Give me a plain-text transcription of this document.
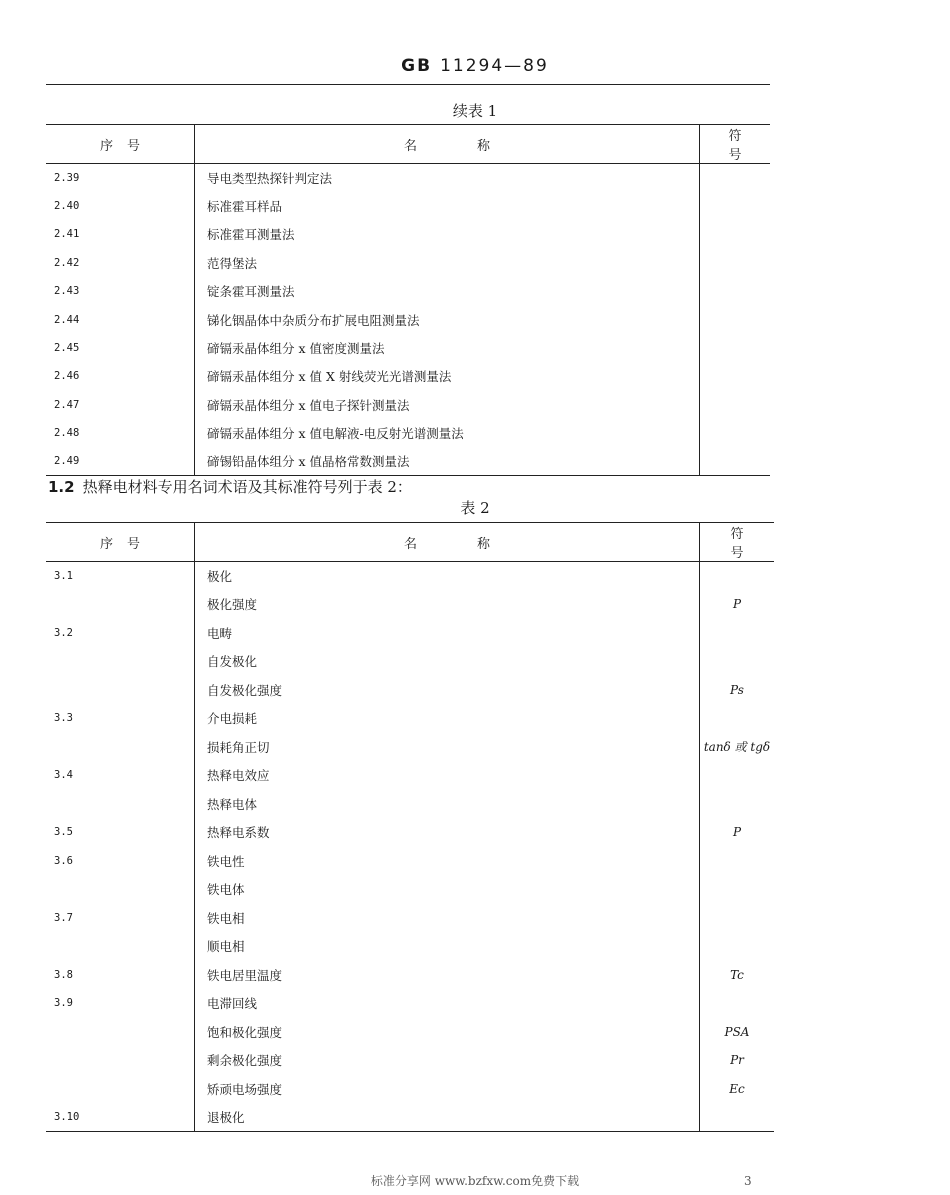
GB 11294—89
续表 1
序号	名称	符号
2.39	导电类型热探针判定法	
2.40	标准霍耳样品	
2.41	标准霍耳测量法	
2.42	范得堡法	
2.43	锭条霍耳测量法	
2.44	锑化铟晶体中杂质分布扩展电阻测量法	
2.45	碲镉汞晶体组分 x 值密度测量法	
2.46	碲镉汞晶体组分 x 值 X 射线荧光光谱测量法	
2.47	碲镉汞晶体组分 x 值电子探针测量法	
2.48	碲镉汞晶体组分 x 值电解液-电反射光谱测量法	
2.49	碲锡铅晶体组分 x 值晶格常数测量法	
1.2 热释电材料专用名词术语及其标准符号列于表 2：
表 2
序号	名称	符号
3.1	极化	
	极化强度	P
3.2	电畴	
	自发极化	
	自发极化强度	Ps
3.3	介电损耗	
	损耗角正切	tanδ 或 tgδ
3.4	热释电效应	
	热释电体	
3.5	热释电系数	P
3.6	铁电性	
	铁电体	
3.7	铁电相	
	顺电相	
3.8	铁电居里温度	Tc
3.9	电滞回线	
	饱和极化强度	PSA
	剩余极化强度	Pr
	矫顽电场强度	Ec
3.10	退极化	
标准分享网 www.bzfxw.com免费下载	3
